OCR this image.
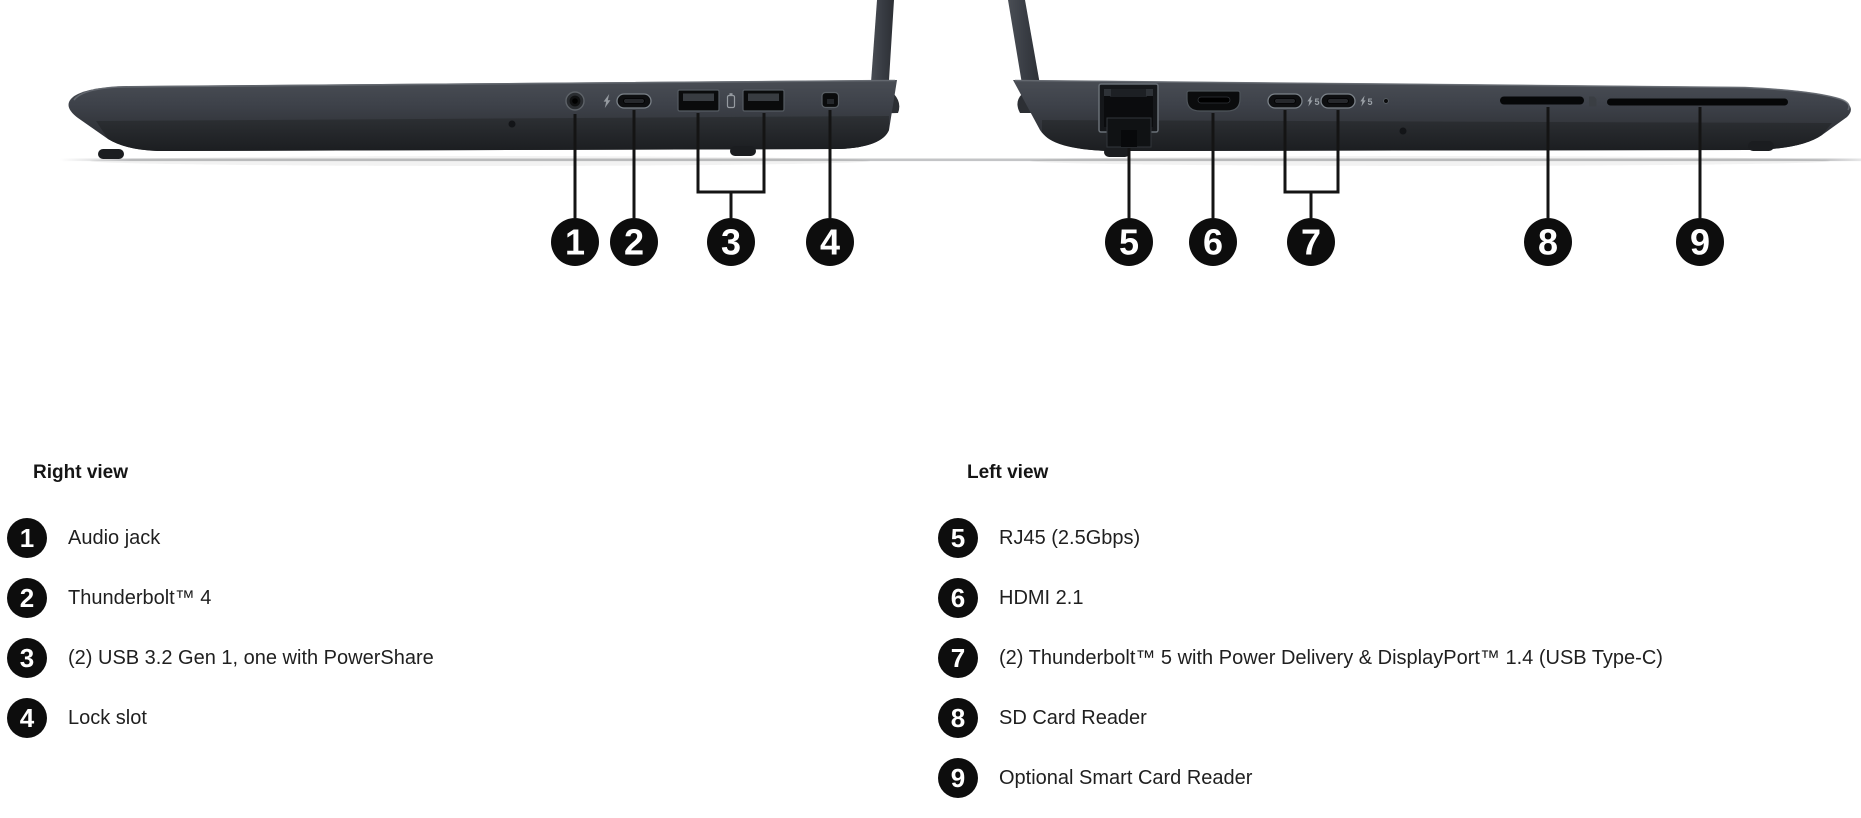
5	5
1 2 3 4	5 6 7	8	9
Right view
1 Audio jack
2 Thunderbolt™ 4
3 (2) USB 3.2 Gen 1, one with PowerShare
4 Lock slot
Left view
5 RJ45 (2.5Gbps)
6 HDMI 2.1
7 (2) Thunderbolt™ 5 with Power Delivery & DisplayPort™ 1.4 (USB Type-C)
8 SD Card Reader
9 Optional Smart Card Reader
